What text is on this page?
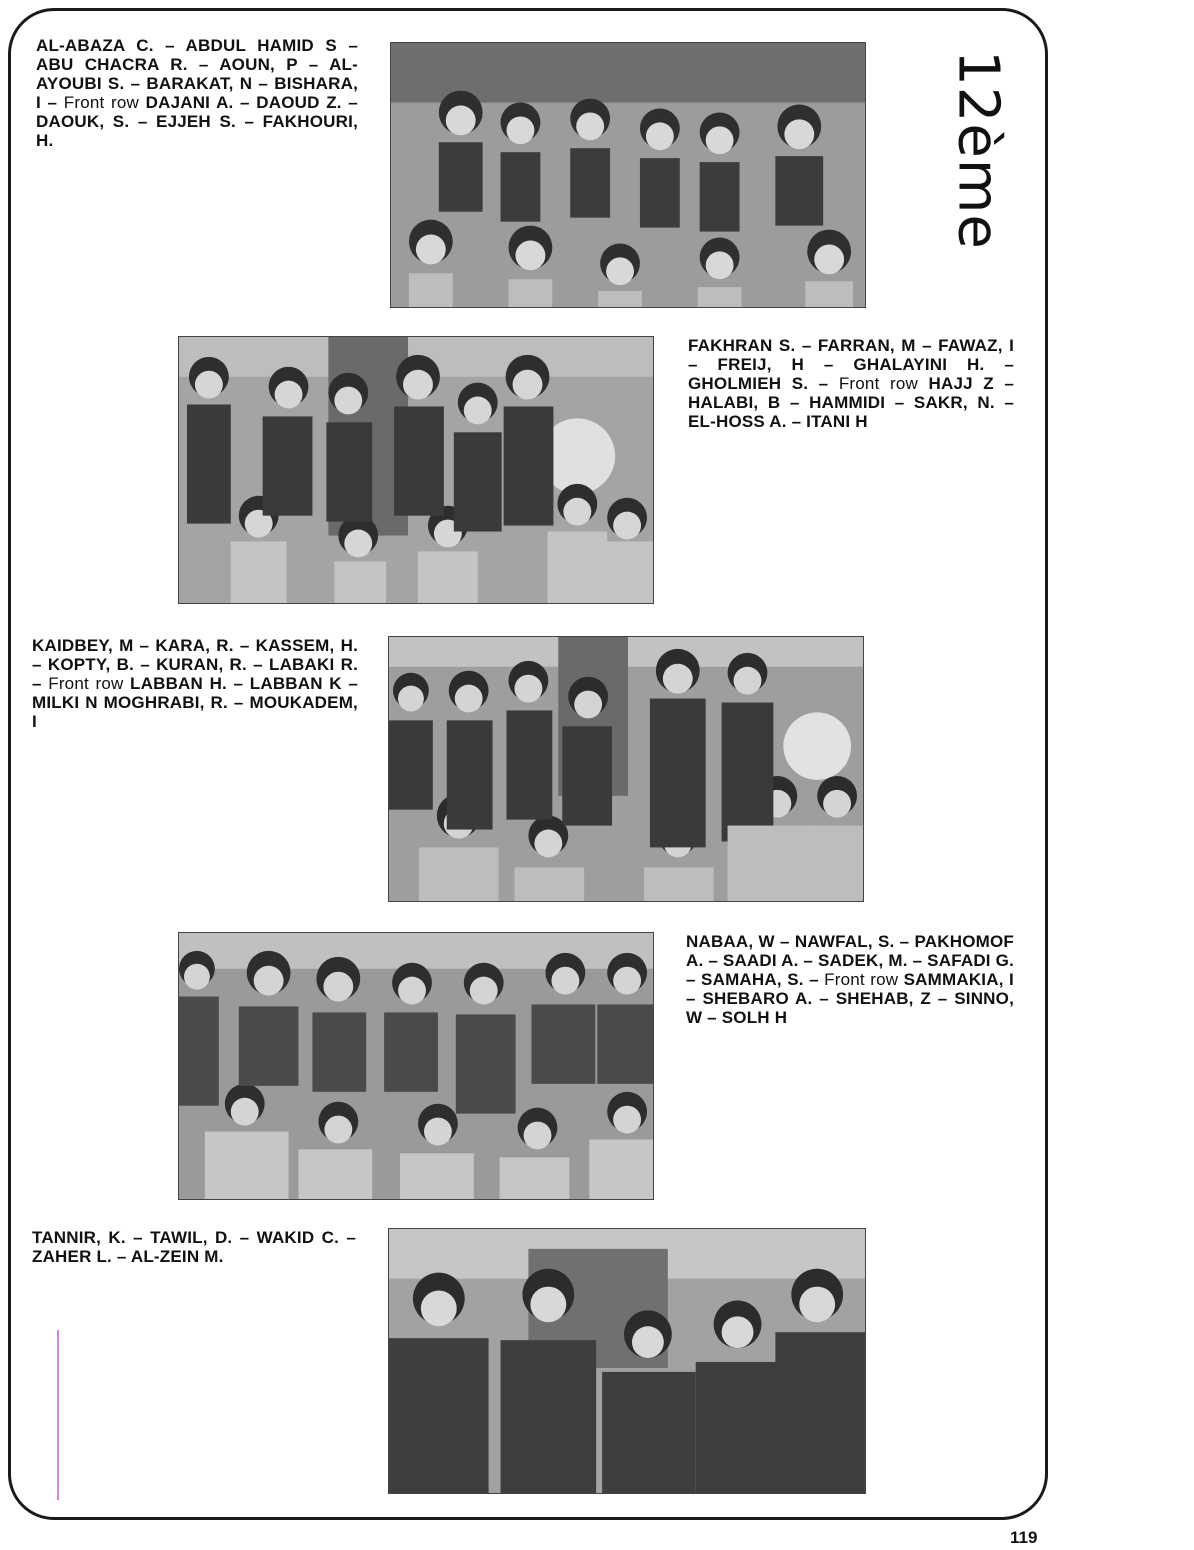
12ème
AL-ABAZA C. – ABDUL HAMID S – ABU CHACRA R. – AOUN, P – AL-AYOUBI S. – BARAKAT, N – BISHARA, I – Front row DAJANI A. – DAOUD Z. – DAOUK, S. – EJJEH S. – FAKHOURI, H.
FAKHRAN S. – FARRAN, M – FAWAZ, I – FREIJ, H – GHALAYINI H. – GHOLMIEH S. – Front row HAJJ Z – HALABI, B – HAMMIDI – SAKR, N. – EL-HOSS A. – ITANI H
KAIDBEY, M – KARA, R. – KASSEM, H. – KOPTY, B. – KURAN, R. – LABAKI R. – Front row LABBAN H. – LABBAN K – MILKI N MOGHRABI, R. – MOUKADEM, I
NABAA, W – NAWFAL, S. – PAKHOMOF A. – SAADI A. – SADEK, M. – SAFADI G. – SAMAHA, S. – Front row SAMMAKIA, I – SHEBARO A. – SHEHAB, Z – SINNO, W – SOLH H
TANNIR, K. – TAWIL, D. – WAKID C. – ZAHER L. – AL-ZEIN M.
119
